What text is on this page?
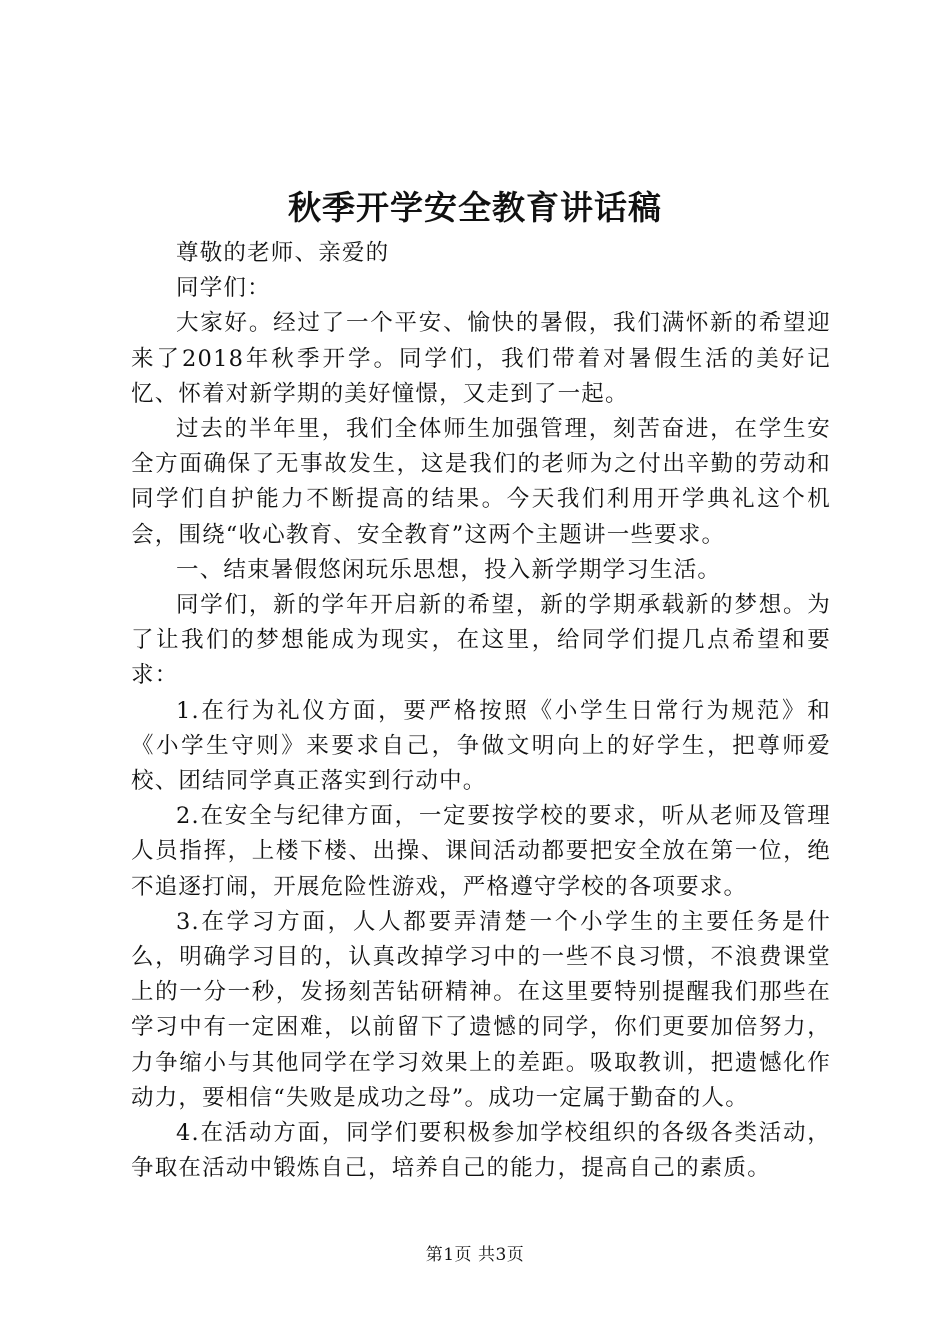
秋季开学安全教育讲话稿

尊敬的老师、亲爱的

同学们：

大家好。经过了一个平安、愉快的暑假，我们满怀新的希望迎来了2018年秋季开学。同学们，我们带着对暑假生活的美好记忆、怀着对新学期的美好憧憬，又走到了一起。

过去的半年里，我们全体师生加强管理，刻苦奋进，在学生安全方面确保了无事故发生，这是我们的老师为之付出辛勤的劳动和同学们自护能力不断提高的结果。今天我们利用开学典礼这个机会，围绕“收心教育、安全教育”这两个主题讲一些要求。

一、结束暑假悠闲玩乐思想，投入新学期学习生活。

同学们，新的学年开启新的希望，新的学期承载新的梦想。为了让我们的梦想能成为现实，在这里，给同学们提几点希望和要求：

1.在行为礼仪方面，要严格按照《小学生日常行为规范》和《小学生守则》来要求自己，争做文明向上的好学生，把尊师爱校、团结同学真正落实到行动中。

2.在安全与纪律方面，一定要按学校的要求，听从老师及管理人员指挥，上楼下楼、出操、课间活动都要把安全放在第一位，绝不追逐打闹，开展危险性游戏，严格遵守学校的各项要求。

3.在学习方面，人人都要弄清楚一个小学生的主要任务是什么，明确学习目的，认真改掉学习中的一些不良习惯，不浪费课堂上的一分一秒，发扬刻苦钻研精神。在这里要特别提醒我们那些在学习中有一定困难，以前留下了遗憾的同学，你们更要加倍努力，力争缩小与其他同学在学习效果上的差距。吸取教训，把遗憾化作动力，要相信“失败是成功之母”。成功一定属于勤奋的人。

4.在活动方面，同学们要积极参加学校组织的各级各类活动，争取在活动中锻炼自己，培养自己的能力，提高自己的素质。

第1页 共3页
